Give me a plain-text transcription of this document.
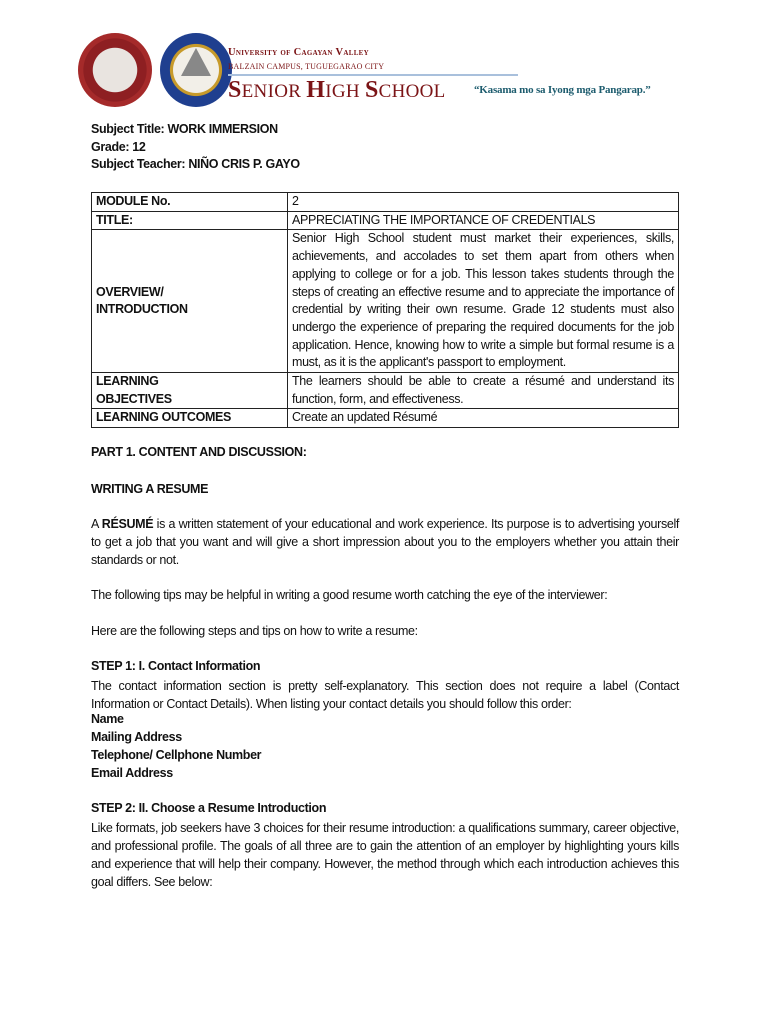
University of Cagayan Valley
BALZAIN CAMPUS, TUGUEGARAO CITY
SENIOR HIGH SCHOOL	“Kasama mo sa Iyong mga Pangarap.”
Subject Title: WORK IMMERSION
Grade: 12
Subject Teacher: NIÑO CRIS P. GAYO
MODULE No.	2
TITLE:	APPRECIATING THE IMPORTANCE OF CREDENTIALS
OVERVIEW/ INTRODUCTION	Senior High School student must market their experiences, skills, achievements, and accolades to set them apart from others when applying to college or for a job. This lesson takes students through the steps of creating an effective resume and to appreciate the importance of credential by writing their own resume. Grade 12 students must also undergo the experience of preparing the required documents for the job application. Hence, knowing how to write a simple but formal resume is a must, as it is the applicant's passport to employment.
LEARNING OBJECTIVES	The learners should be able to create a résumé and understand its function, form, and effectiveness.
LEARNING OUTCOMES	Create an updated Résumé
PART 1. CONTENT AND DISCUSSION:
WRITING A RESUME
A RÉSUMÉ is a written statement of your educational and work experience. Its purpose is to advertising yourself to get a job that you want and will give a short impression about you to the employers whether you attain their standards or not.
The following tips may be helpful in writing a good resume worth catching the eye of the interviewer:
Here are the following steps and tips on how to write a resume:
STEP 1: I. Contact Information
The contact information section is pretty self-explanatory. This section does not require a label (Contact Information or Contact Details). When listing your contact details you should follow this order:
Name
Mailing Address
Telephone/ Cellphone Number
Email Address
STEP 2: II. Choose a Resume Introduction
Like formats, job seekers have 3 choices for their resume introduction: a qualifications summary, career objective, and professional profile. The goals of all three are to gain the attention of an employer by highlighting yours kills and experience that will help their company. However, the method through which each introduction achieves this goal differs. See below:
